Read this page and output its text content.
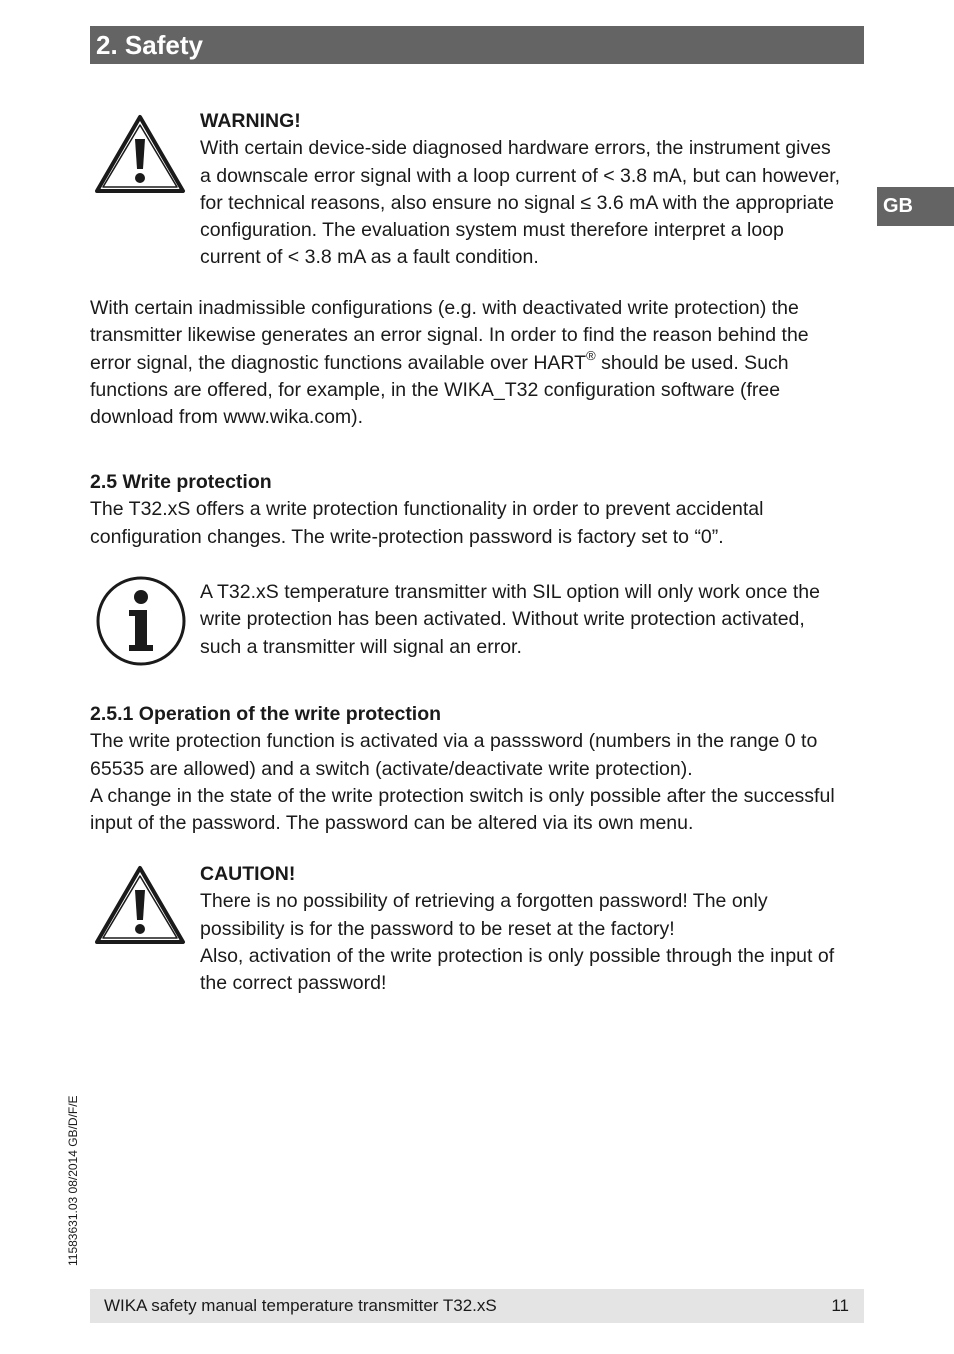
2. Safety
GB
WARNING!
With certain device-side diagnosed hardware errors, the instrument gives
a downscale error signal with a loop current of < 3.8 mA, but can however,
for technical reasons, also ensure no signal ≤ 3.6 mA with the appropriate
configuration. The evaluation system must therefore interpret a loop
current of < 3.8 mA as a fault condition.
With certain inadmissible configurations (e.g. with deactivated write protection) the
transmitter likewise generates an error signal. In order to find the reason behind the
error signal, the diagnostic functions available over HART® should be used. Such
functions are offered, for example, in the WIKA_T32 configuration software (free
download from www.wika.com).
2.5 Write protection
The T32.xS offers a write protection functionality in order to prevent accidental
configuration changes. The write-protection password is factory set to “0”.
A T32.xS temperature transmitter with SIL option will only work once the
write protection has been activated. Without write protection activated,
such a transmitter will signal an error.
2.5.1 Operation of the write protection
The write protection function is activated via a passsword (numbers in the range 0 to
65535 are allowed) and a switch (activate/deactivate write protection).
A change in the state of the write protection switch is only possible after the successful
input of the password. The password can be altered via its own menu.
CAUTION!
There is no possibility of retrieving a forgotten password! The only
possibility is for the password to be reset at the factory!
Also, activation of the write protection is only possible through the input of
the correct password!
11583631.03 08/2014 GB/D/F/E
WIKA safety manual temperature transmitter T32.xS	11
